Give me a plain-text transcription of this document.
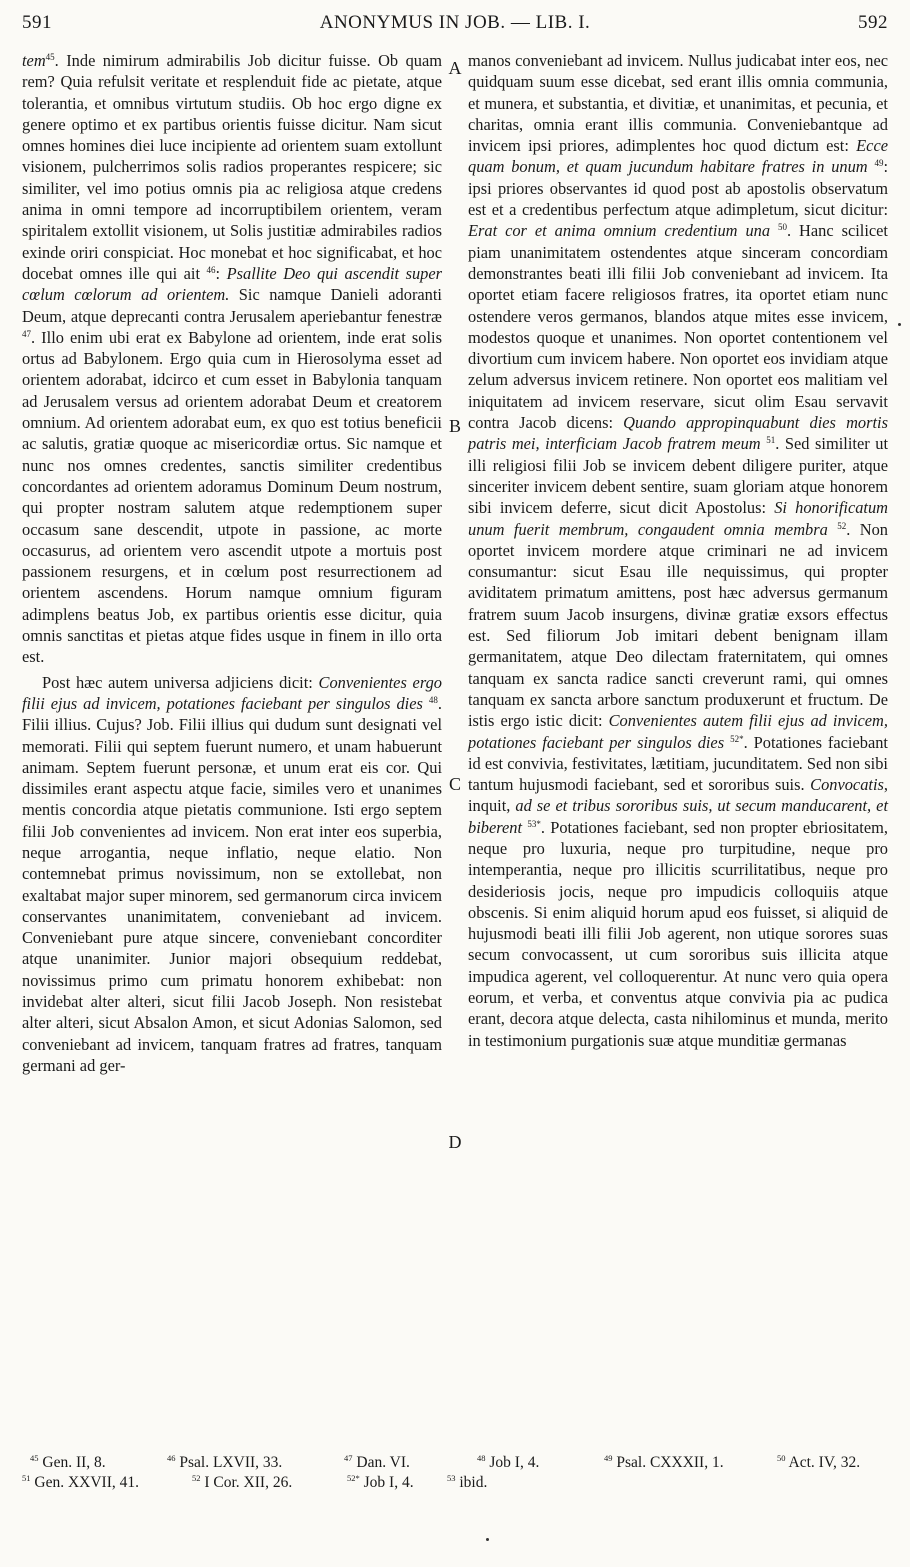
591	ANONYMUS IN JOB. — LIB. I.	592

tem$^{45}$. Inde nimirum admirabilis Job dicitur fuisse. Ob quam rem? Quia refulsit veritate et resplenduit fide ac pietate, atque tolerantia, et omnibus virtutum studiis. Ob hoc ergo digne ex genere optimo et ex partibus orientis fuisse dicitur. Nam sicut omnes homines diei luce incipiente ad orientem suam extollunt visionem, pulcherrimos solis radios properantes respicere; sic similiter, vel imo potius omnis pia ac religiosa atque credens anima in omni tempore ad incorruptibilem orientem, veram spiritalem extollit visionem, ut Solis justitiæ admirabiles radios exinde oriri conspiciat. Hoc monebat et hoc significabat, et hoc docebat omnes ille qui ait $^{46}$: Psallite Deo qui ascendit super cœlum cœlorum ad orientem. Sic namque Danieli adoranti Deum, atque deprecanti contra Jerusalem aperiebantur fenestræ $^{47}$. Illo enim ubi erat ex Babylone ad orientem, inde erat solis ortus ad Babylonem. Ergo quia cum in Hierosolyma esset ad orientem adorabat, idcirco et cum esset in Babylonia tanquam ad Jerusalem versus ad orientem adorabat Deum et creatorem omnium. Ad orientem adorabat eum, ex quo est totius beneficii ac salutis, gratiæ quoque ac misericordiæ ortus. Sic namque et nunc nos omnes credentes, sanctis similiter credentibus concordantes ad orientem adoramus Dominum Deum nostrum, qui propter nostram salutem atque redemptionem super occasum sane descendit, utpote in passione, ac morte occasurus, ad orientem vero ascendit utpote a mortuis post passionem resurgens, et in cœlum post resurrectionem ad orientem ascendens. Horum namque omnium figuram adimplens beatus Job, ex partibus orientis esse dicitur, quia omnis sanctitas et pietas atque fides usque in finem in illo orta est.

Post hæc autem universa adjiciens dicit: Convenientes ergo filii ejus ad invicem, potationes faciebant per singulos dies $^{48}$. Filii illius. Cujus? Job. Filii illius qui dudum sunt designati vel memorati. Filii qui septem fuerunt numero, et unam habuerunt animam. Septem fuerunt personæ, et unum erat eis cor. Qui dissimiles erant aspectu atque facie, similes vero et unanimes mentis concordia atque pietatis communione. Isti ergo septem filii Job convenientes ad invicem. Non erat inter eos superbia, neque arrogantia, neque inflatio, neque elatio. Non contemnebat primus novissimum, non se extollebat, non exaltabat major super minorem, sed germanorum circa invicem conservantes unanimitatem, conveniebant ad invicem. Conveniebant pure atque sincere, conveniebant concorditer atque unanimiter. Junior majori obsequium reddebat, novissimus primo cum primatu honorem exhibebat: non invidebat alter alteri, sicut filii Jacob Joseph. Non resistebat alter alteri, sicut Absalon Amon, et sicut Adonias Salomon, sed conveniebant ad invicem, tanquam fratres ad fratres, tanquam germani ad ger-

manos conveniebant ad invicem. Nullus judicabat inter eos, nec quidquam suum esse dicebat, sed erant illis omnia communia, et munera, et substantia, et divitiæ, et unanimitas, et pecunia, et charitas, omnia erant illis communia. Conveniebantque ad invicem ipsi priores, adimplentes hoc quod dictum est: Ecce quam bonum, et quam jucundum habitare fratres in unum $^{49}$: ipsi priores observantes id quod post ab apostolis observatum est et a credentibus perfectum atque adimpletum, sicut dicitur: Erat cor et anima omnium credentium una $^{50}$. Hanc scilicet piam unanimitatem ostendentes atque sinceram concordiam demonstrantes beati illi filii Job conveniebant ad invicem. Ita oportet etiam facere religiosos fratres, ita oportet etiam nunc ostendere veros germanos, blandos atque mites esse invicem, modestos quoque et unanimes. Non oportet contentionem vel divortium cum invicem habere. Non oportet eos invidiam atque zelum adversus invicem retinere. Non oportet eos malitiam vel iniquitatem ad invicem reservare, sicut olim Esau servavit contra Jacob dicens: Quando appropinquabunt dies mortis patris mei, interficiam Jacob fratrem meum $^{51}$. Sed similiter ut illi religiosi filii Job se invicem debent diligere puriter, atque sinceriter invicem debent sentire, suam gloriam atque honorem sibi invicem deferre, sicut dicit Apostolus: Si honorificatum unum fuerit membrum, congaudent omnia membra $^{52}$. Non oportet invicem mordere atque criminari ne ad invicem consumantur: sicut Esau ille nequissimus, qui propter aviditatem primatum amittens, post hæc adversus germanum fratrem suum Jacob insurgens, divinæ gratiæ exsors effectus est. Sed filiorum Job imitari debent benignam illam germanitatem, atque Deo dilectam fraternitatem, qui omnes tanquam ex sancta radice sancti creverunt rami, qui omnes tanquam ex sancta arbore sanctum produxerunt et fructum. De istis ergo istic dicit: Convenientes autem filii ejus ad invicem, potationes faciebant per singulos dies $^{52*}$. Potationes faciebant id est convivia, festivitates, lætitiam, jucunditatem. Sed non sibi tantum hujusmodi faciebant, sed et sororibus suis. Convocatis, inquit, ad se et tribus sororibus suis, ut secum manducarent, et biberent $^{53*}$. Potationes faciebant, sed non propter ebriositatem, neque pro luxuria, neque pro turpitudine, neque pro intemperantia, neque pro illicitis scurrilitatibus, neque pro desideriosis jocis, neque pro impudicis colloquiis atque obscenis. Si enim aliquid horum apud eos fuisset, si aliquid de hujusmodi beati illi filii Job agerent, non utique sorores suas secum convocassent, ut cum sororibus suis illicita atque impudica agerent, vel colloquerentur. At nunc vero quia opera eorum, et verba, et conventus atque convivia pia ac pudica erant, decora atque delecta, casta nihilominus et munda, merito in testimonium purgationis suæ atque munditiæ germanas

A
B
C
D
$^{45}$ Gen. II, 8.	$^{46}$ Psal. LXVII, 33.	$^{47}$ Dan. VI.	$^{48}$ Job I, 4.	$^{49}$ Psal. CXXXII, 1.	$^{50}$ Act. IV, 32.
$^{51}$ Gen. XXVII, 41.	$^{52}$ I Cor. XII, 26.	$^{52*}$ Job I, 4.	$^{53}$ ibid.
